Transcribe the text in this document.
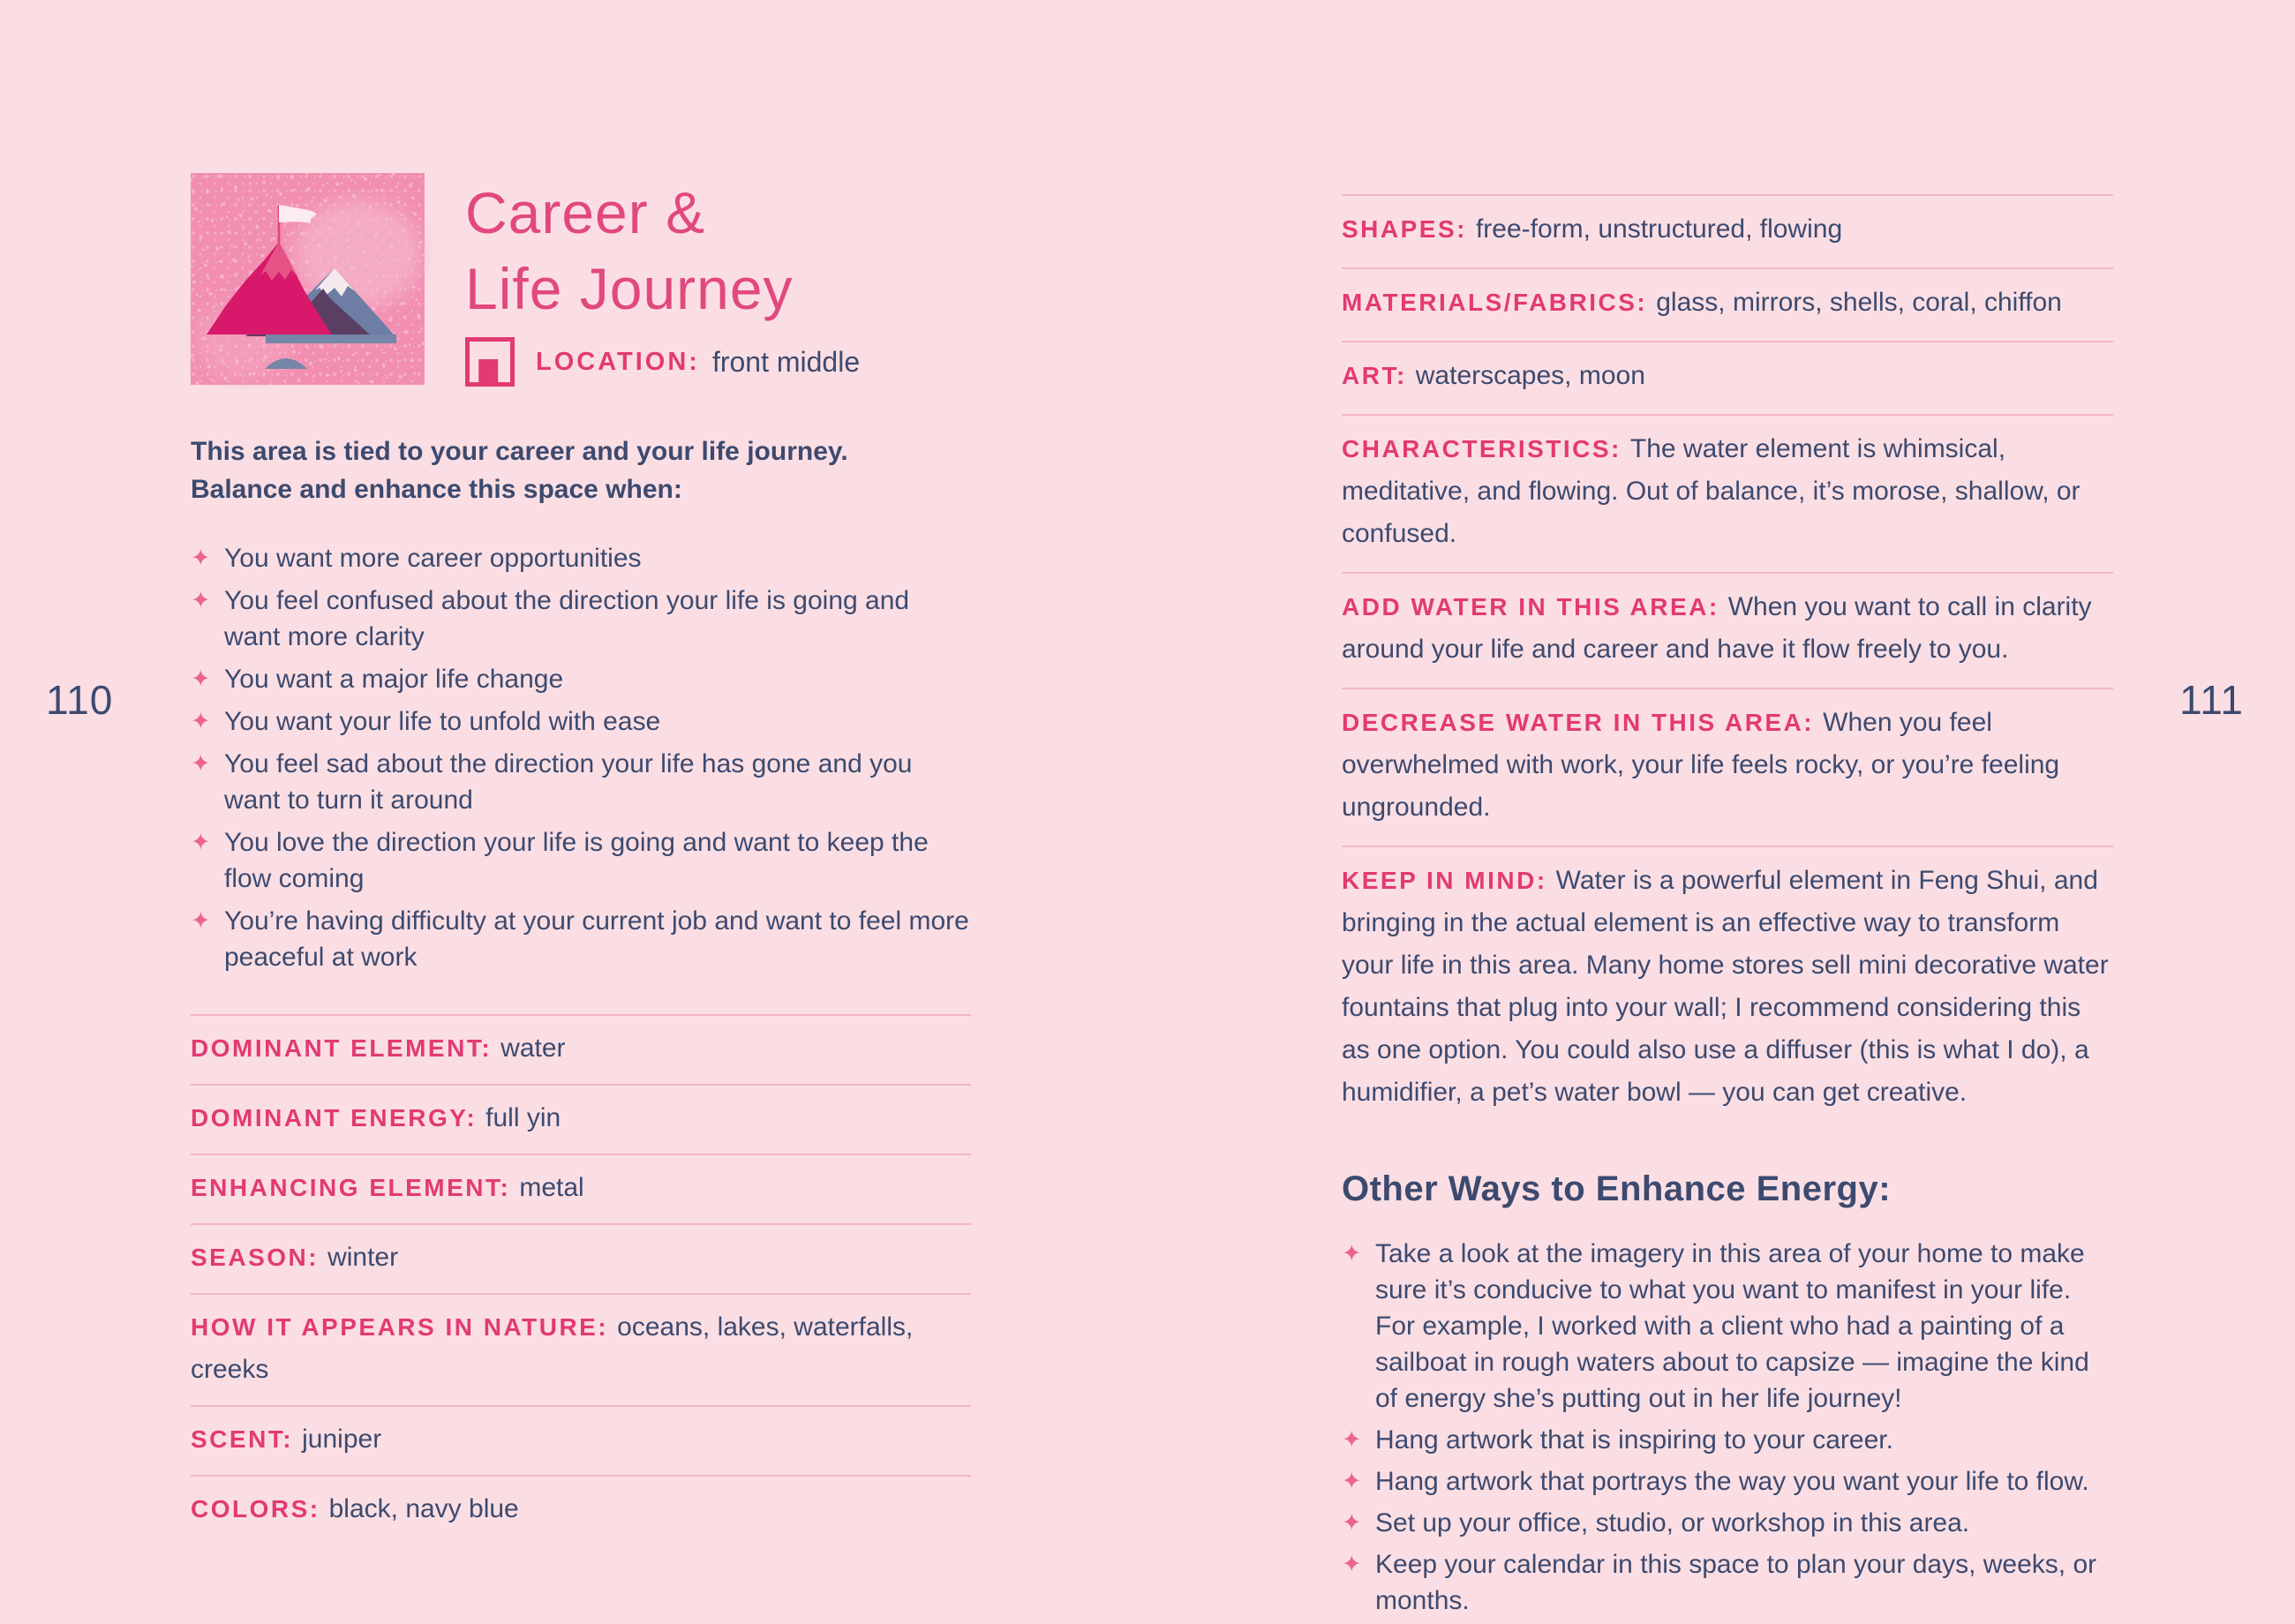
110	111
Career &
Life Journey
LOCATION: front middle
This area is tied to your career and your life journey.
Balance and enhance this space when:
✦ You want more career opportunities
✦ You feel confused about the direction your life is going and want more clarity
✦ You want a major life change
✦ You want your life to unfold with ease
✦ You feel sad about the direction your life has gone and you want to turn it around
✦ You love the direction your life is going and want to keep the flow coming
✦ You’re having difficulty at your current job and want to feel more peaceful at work

DOMINANT ELEMENT: water

DOMINANT ENERGY: full yin

ENHANCING ELEMENT: metal

SEASON: winter

HOW IT APPEARS IN NATURE: oceans, lakes, waterfalls, creeks

SCENT: juniper

COLORS: black, navy blue

SHAPES: free-form, unstructured, flowing

MATERIALS/FABRICS: glass, mirrors, shells, coral, chiffon

ART: waterscapes, moon

CHARACTERISTICS: The water element is whimsical, meditative, and flowing. Out of balance, it’s morose, shallow, or confused.

ADD WATER IN THIS AREA: When you want to call in clarity around your life and career and have it flow freely to you.

DECREASE WATER IN THIS AREA: When you feel overwhelmed with work, your life feels rocky, or you’re feeling ungrounded.

KEEP IN MIND: Water is a powerful element in Feng Shui, and bringing in the actual element is an effective way to transform your life in this area. Many home stores sell mini decorative water fountains that plug into your wall; I recommend considering this as one option. You could also use a diffuser (this is what I do), a humidifier, a pet’s water bowl — you can get creative.

Other Ways to Enhance Energy:
✦ Take a look at the imagery in this area of your home to make sure it’s conducive to what you want to manifest in your life. For example, I worked with a client who had a painting of a sailboat in rough waters about to capsize — imagine the kind of energy she’s putting out in her life journey!
✦ Hang artwork that is inspiring to your career.
✦ Hang artwork that portrays the way you want your life to flow.
✦ Set up your office, studio, or workshop in this area.
✦ Keep your calendar in this space to plan your days, weeks, or months.
